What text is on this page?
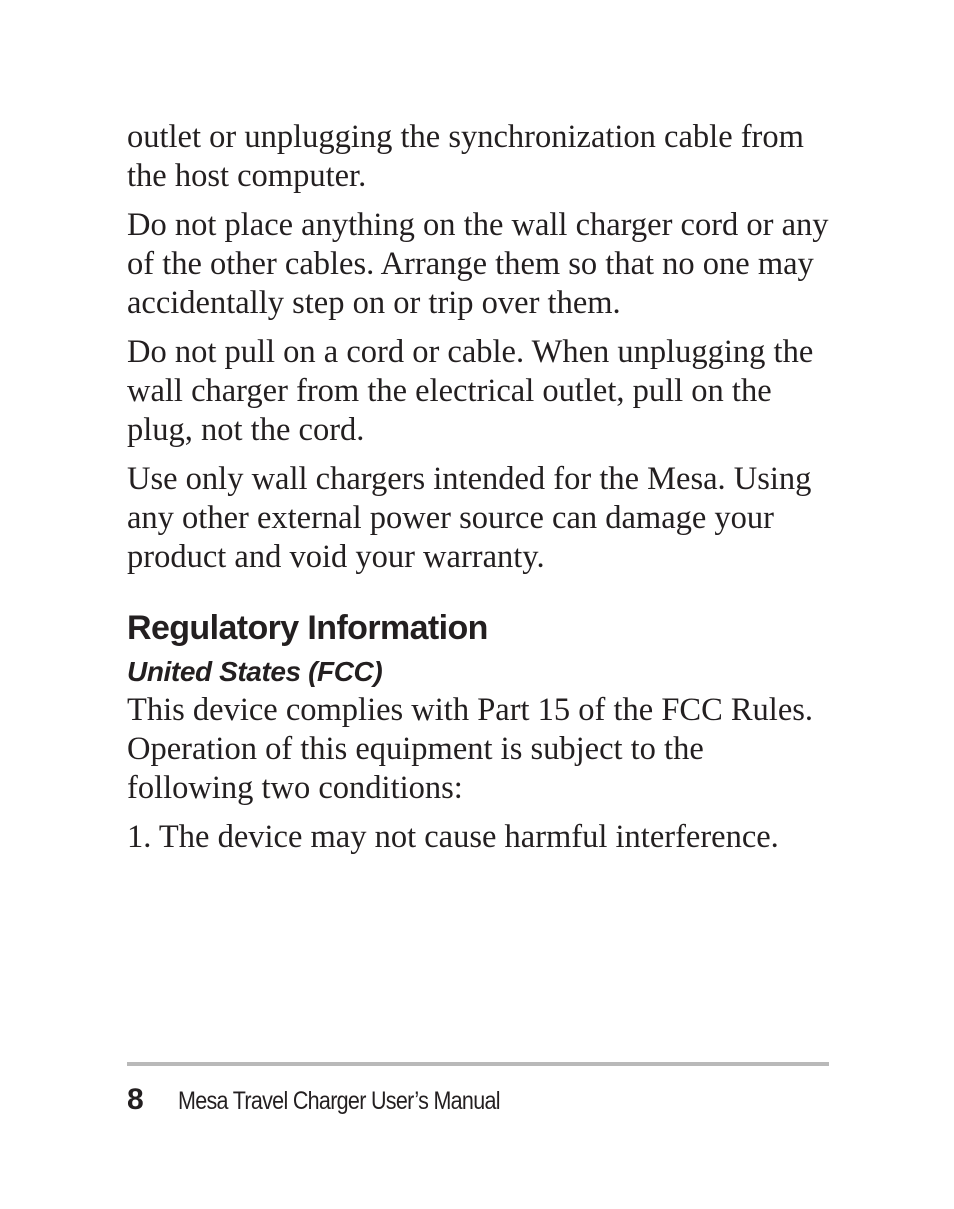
outlet or unplugging the synchronization cable from the host computer.

Do not place anything on the wall charger cord or any of the other cables. Arrange them so that no one may accidentally step on or trip over them.

Do not pull on a cord or cable. When unplugging the wall charger from the electrical outlet, pull on the plug, not the cord.

Use only wall chargers intended for the Mesa. Using any other external power source can damage your product and void your warranty.

Regulatory Information
United States (FCC)

This device complies with Part 15 of the FCC Rules. Operation of this equipment is subject to the following two conditions:

1. The device may not cause harmful interference.

8 Mesa Travel Charger User’s Manual
